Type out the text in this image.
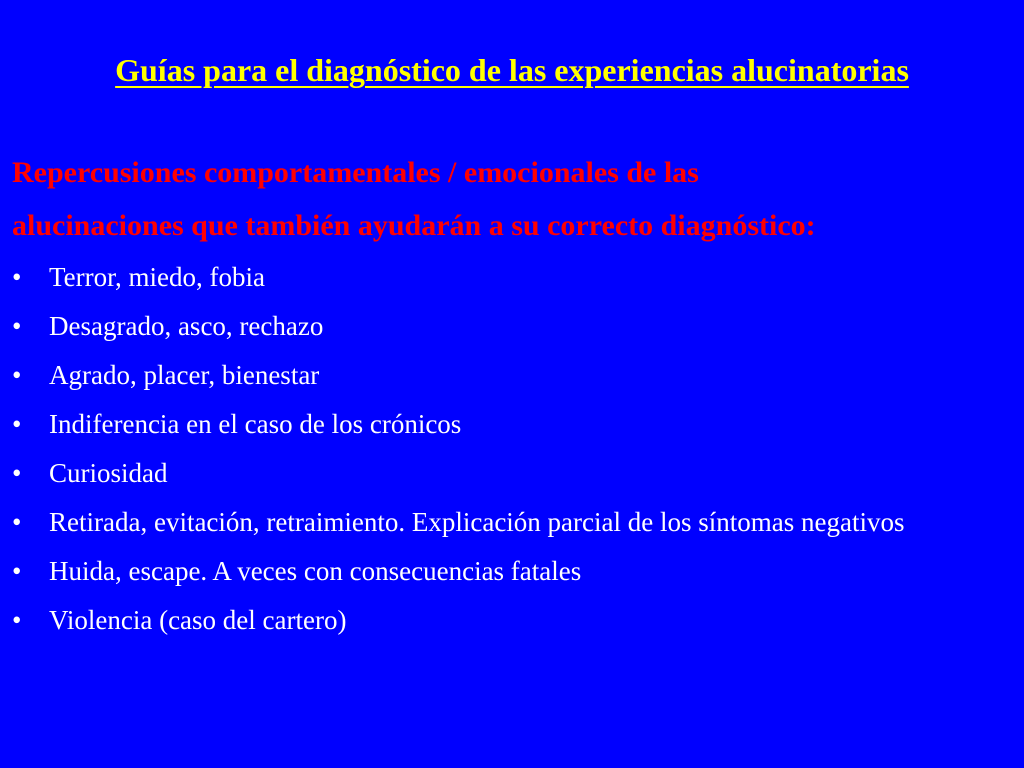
Guías para el diagnóstico de las experiencias alucinatorias
Repercusiones comportamentales / emocionales de las
alucinaciones que también ayudarán a su correcto diagnóstico:
•	Terror, miedo, fobia
•	Desagrado, asco, rechazo
•	Agrado, placer, bienestar
•	Indiferencia en el caso de los crónicos
•	Curiosidad
•	Retirada, evitación, retraimiento. Explicación parcial de los síntomas negativos
•	Huida, escape. A veces con consecuencias fatales
•	Violencia (caso del cartero)
